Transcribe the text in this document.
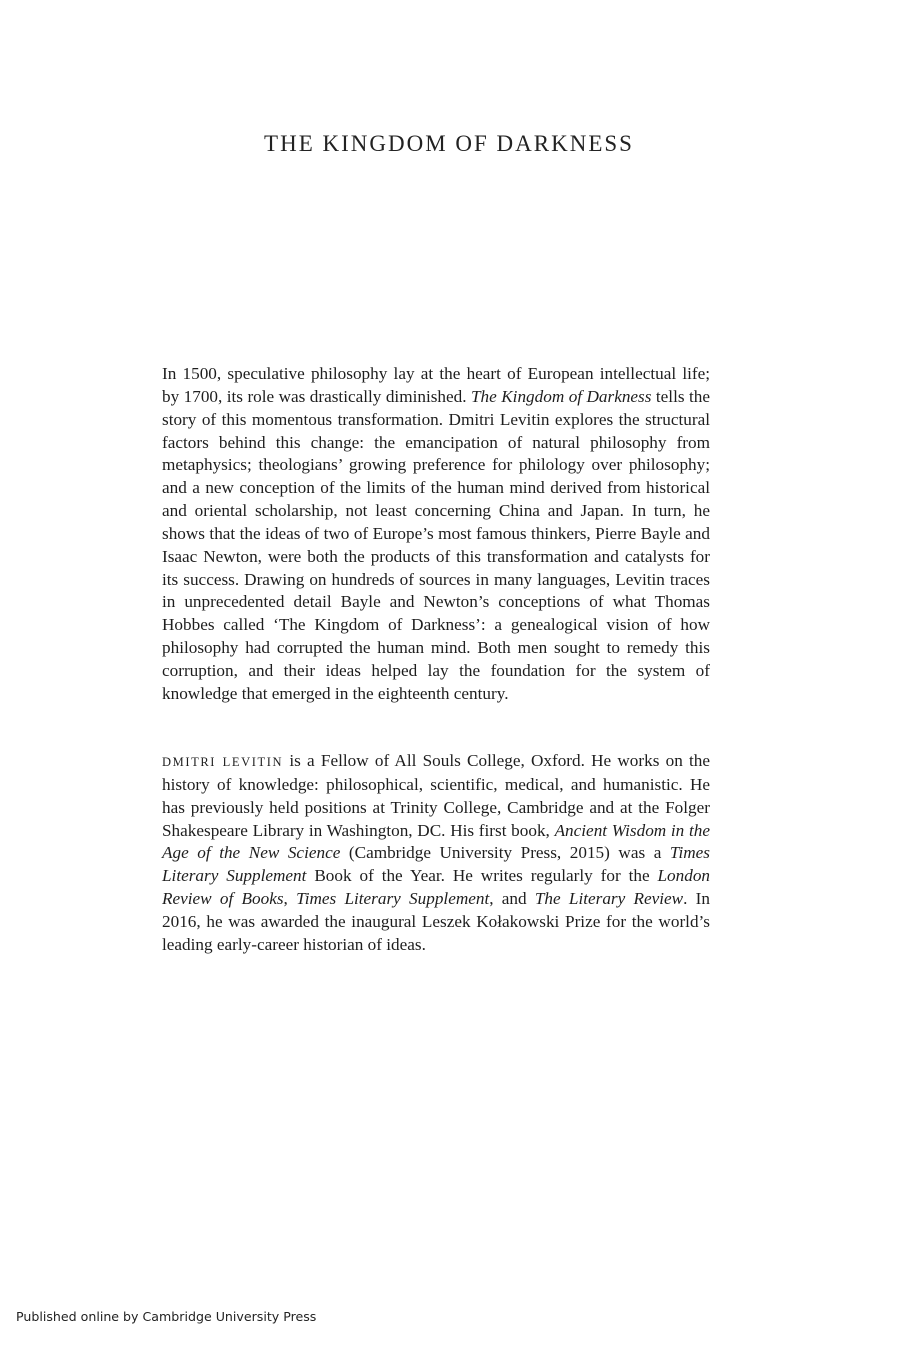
THE KINGDOM OF DARKNESS

In 1500, speculative philosophy lay at the heart of European intellectual life; by 1700, its role was drastically diminished. The Kingdom of Darkness tells the story of this momentous transformation. Dmitri Levitin explores the structural factors behind this change: the emancipation of natural philosophy from metaphysics; theologians’ growing preference for philology over philosophy; and a new conception of the limits of the human mind derived from historical and oriental scholarship, not least concerning China and Japan. In turn, he shows that the ideas of two of Europe’s most famous thinkers, Pierre Bayle and Isaac Newton, were both the products of this transformation and catalysts for its success. Drawing on hundreds of sources in many languages, Levitin traces in unprecedented detail Bayle and Newton’s conceptions of what Thomas Hobbes called ‘The Kingdom of Darkness’: a genealogical vision of how philosophy had corrupted the human mind. Both men sought to remedy this corruption, and their ideas helped lay the foundation for the system of knowledge that emerged in the eighteenth century.

DMITRI LEVITIN is a Fellow of All Souls College, Oxford. He works on the history of knowledge: philosophical, scientific, medical, and humanistic. He has previously held positions at Trinity College, Cambridge and at the Folger Shakespeare Library in Washington, DC. His first book, Ancient Wisdom in the Age of the New Science (Cambridge University Press, 2015) was a Times Literary Supplement Book of the Year. He writes regularly for the London Review of Books, Times Literary Supplement, and The Literary Review. In 2016, he was awarded the inaugural Leszek Kołakowski Prize for the world’s leading early-career historian of ideas.

Published online by Cambridge University Press
